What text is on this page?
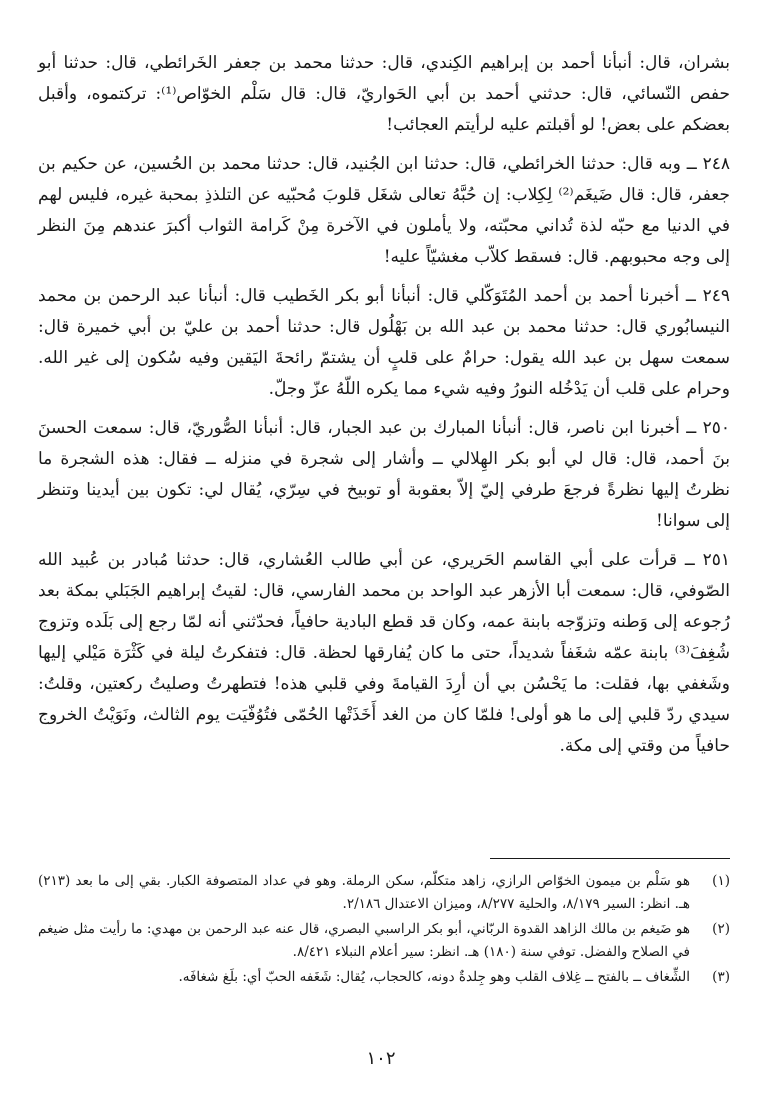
بشران، قال: أنبأنا أحمد بن إبراهيم الكِندي، قال: حدثنا محمد بن جعفر الخَرائطي، قال: حدثنا أبو حفص النّسائي، قال: حدثني أحمد بن أبي الحَواريّ، قال: قال سَلْم الخوّاص⁽¹⁾: تركتموه، وأقبل بعضكم على بعض! لو أقبلتم عليه لرأيتم العجائب!

٢٤٨ ــ وبه قال: حدثنا الخرائطي، قال: حدثنا ابن الجُنيد، قال: حدثنا محمد بن الحُسين، عن حكيم بن جعفر، قال: قال ضَيغَم⁽²⁾ لِكِلاب: إن حُبَّهُ تعالى شغَل قلوبَ مُحبّيه عن التلذذِ بمحبة غيره، فليس لهم في الدنيا مع حبّه لذة تُداني محبّته، ولا يأملون في الآخرة مِنْ كَرامة الثواب أكبرَ عندهم مِنَ النظر إلى وجه محبوبهم. قال: فسقط كلاّب مغشيّاً عليه!

٢٤٩ ــ أخبرنا أحمد بن أحمد المُتَوَكّلي قال: أنبأنا أبو بكر الخَطيب قال: أنبأنا عبد الرحمن بن محمد النيسابُوري قال: حدثنا محمد بن عبد الله بن بَهْلُول قال: حدثنا أحمد بن عليّ بن أبي خميرة قال: سمعت سهل بن عبد الله يقول: حرامٌ على قلبٍ أن يشتمّ رائحةَ اليَقين وفيه سُكون إلى غير الله. وحرام على قلب أن يَدْخُله النورُ وفيه شيء مما يكره اللّهُ عزّ وجلّ.

٢٥٠ ــ أخبرنا ابن ناصر، قال: أنبأنا المبارك بن عبد الجبار، قال: أنبأنا الصُّوريّ، قال: سمعت الحسنَ بنَ أحمد، قال: قال لي أبو بكر الهِلالي ــ وأشار إلى شجرة في منزله ــ فقال: هذه الشجرة ما نظرتُ إليها نظرةً فرجعَ طرفي إليّ إلاّ بعقوبة أو توبيخ في سِرّي، يُقال لي: تكون بين أيدينا وتنظر إلى سوانا!

٢٥١ ــ قرأت على أبي القاسم الحَريري، عن أبي طالب العُشاري، قال: حدثنا مُبادر بن عُبيد الله الصّوفي، قال: سمعت أبا الأزهر عبد الواحد بن محمد الفارسي، قال: لقيتُ إبراهيم الجَبَلي بمكة بعد رُجوعه إلى وَطنه وتزوّجه بابنة عمه، وكان قد قطع البادية حافياً، فحدّثني أنه لمّا رجع إلى بَلَده وتزوج شُغِفَ⁽³⁾ بابنة عمّه شغَفاً شديداً، حتى ما كان يُفارقها لحظة. قال: فتفكرتُ ليلة في كَثْرَة مَيْلي إليها وشَغفي بها، فقلت: ما يَحْسُن بي أن أرِدَ القيامةَ وفي قلبي هذه! فتطهرتُ وصليتُ ركعتين، وقلتُ: سيدي ردّ قلبي إلى ما هو أولى! فلمّا كان من الغد أَخَذَتْها الحُمّى فتُوُفّيَت يوم الثالث، ونَوَيْتُ الخروج حافياً من وقتي إلى مكة.

(١)
هو سَلْم بن ميمون الخوّاص الرازي، زاهد متكلّم، سكن الرملة. وهو في عداد المتصوفة الكبار. بقي إلى ما بعد (٢١٣) هـ. انظر: السير ٨/١٧٩، والحلية ٨/٢٧٧، وميزان الاعتدال ٢/١٨٦.
(٢)
هو ضَيغم بن مالك الزاهد القدوة الربّاني، أبو بكر الراسبي البصري، قال عنه عبد الرحمن بن مهدي: ما رأيت مثل ضيغم في الصلاح والفضل. توفي سنة (١٨٠) هـ. انظر: سير أعلام النبلاء ٨/٤٢١.
(٣)
الشِّغاف ــ بالفتح ــ غِلاف القلب وهو جِلدةٌ دونه، كالحجاب، يُقال: شَغَفه الحبّ أي: بلَغ شغافَه.
١٠٢
